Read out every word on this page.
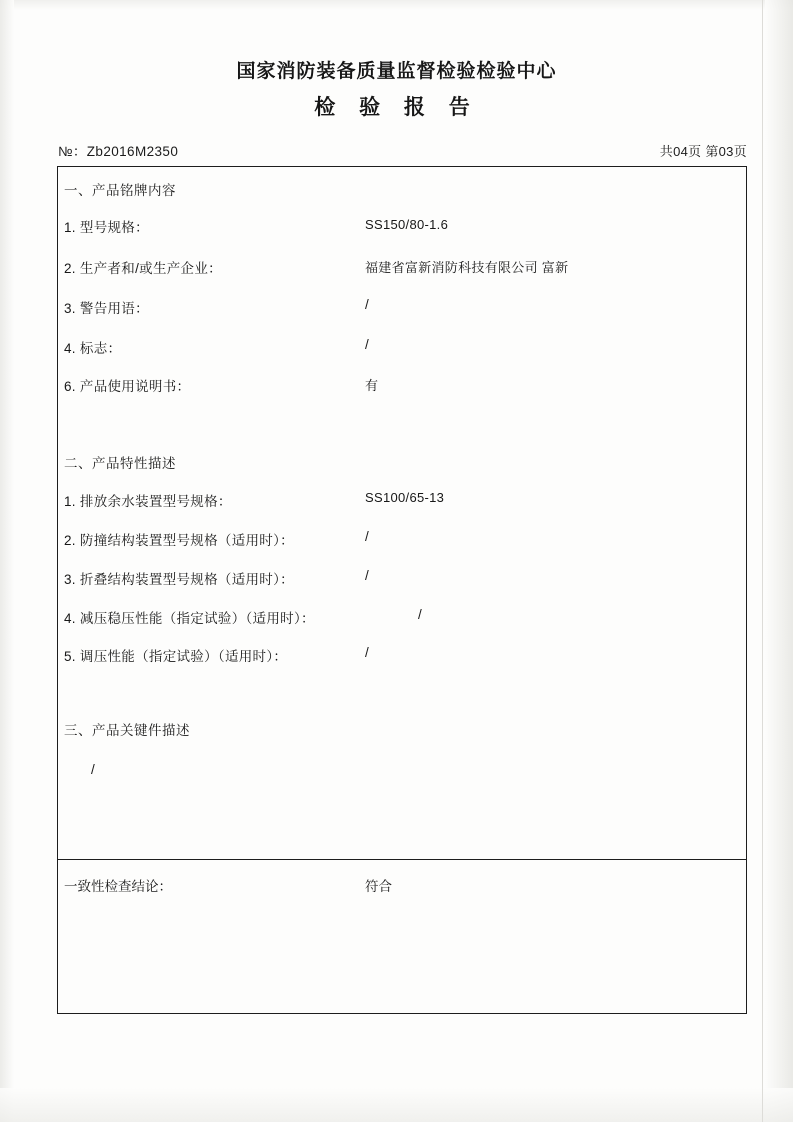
国家消防装备质量监督检验检验中心
检 验 报 告
№：Zb2016M2350	共04页 第03页
一、产品铭牌内容
1. 型号规格：	SS150/80-1.6
2. 生产者和/或生产企业：	福建省富新消防科技有限公司 富新
3. 警告用语：	/
4. 标志：	/
6. 产品使用说明书：	有
二、产品特性描述
1. 排放余水装置型号规格：	SS100/65-13
2. 防撞结构装置型号规格（适用时）：	/
3. 折叠结构装置型号规格（适用时）：	/
4. 减压稳压性能（指定试验）（适用时）：	/
5. 调压性能（指定试验）（适用时）：	/
三、产品关键件描述
/
一致性检查结论：	符合
